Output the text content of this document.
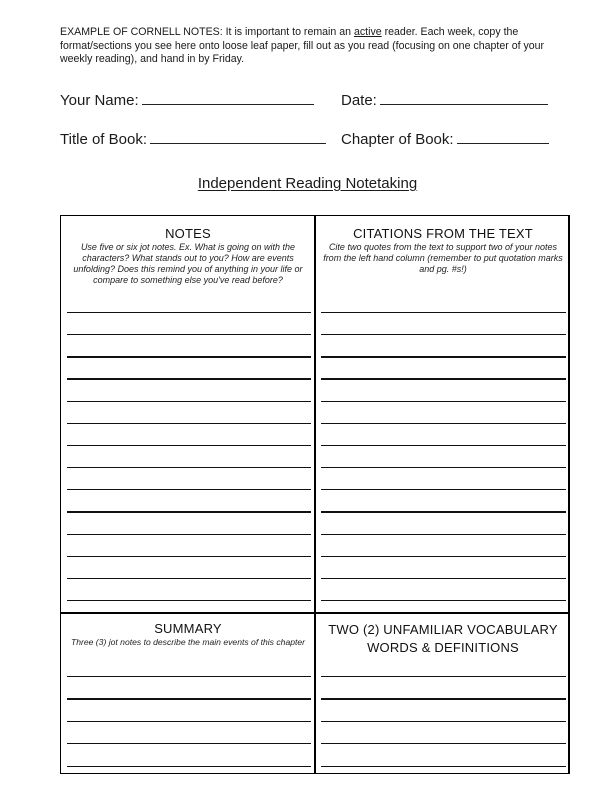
EXAMPLE OF CORNELL NOTES: It is important to remain an active reader. Each week, copy the format/sections you see here onto loose leaf paper, fill out as you read (focusing on one chapter of your weekly reading), and hand in by Friday.
Your Name:	Date:
Title of Book:	Chapter of Book:
Independent Reading Notetaking
NOTES
Use five or six jot notes. Ex. What is going on with the characters? What stands out to you? How are events unfolding? Does this remind you of anything in your life or compare to something else you've read before?
CITATIONS FROM THE TEXT
Cite two quotes from the text to support two of your notes from the left hand column (remember to put quotation marks and pg. #s!)
SUMMARY
Three (3) jot notes to describe the main events of this chapter
TWO (2) UNFAMILIAR VOCABULARY WORDS & DEFINITIONS
